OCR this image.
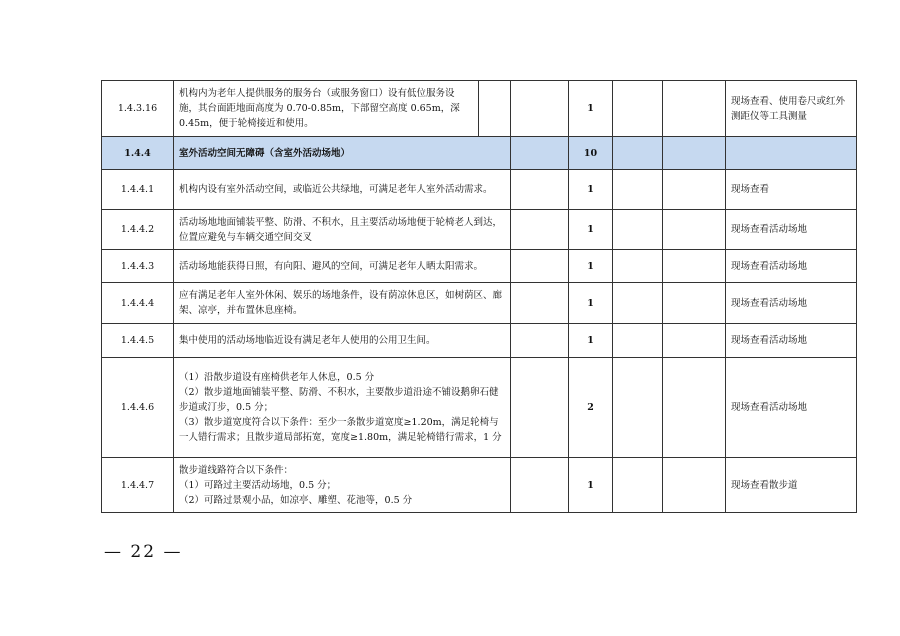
1.4.3.16	机构内为老年人提供服务的服务台（或服务窗口）设有低位服务设施，其台面距地面高度为 0.70-0.85m，下部留空高度 0.65m，深 0.45m，便于轮椅接近和使用。			1			现场查看、使用卷尺或红外测距仪等工具测量
1.4.4	室外活动空间无障碍（含室外活动场地）			10			
1.4.4.1	机构内设有室外活动空间，或临近公共绿地，可满足老年人室外活动需求。			1			现场查看
1.4.4.2	活动场地地面铺装平整、防滑、不积水，且主要活动场地便于轮椅老人到达，位置应避免与车辆交通空间交叉			1			现场查看活动场地
1.4.4.3	活动场地能获得日照，有向阳、避风的空间，可满足老年人晒太阳需求。			1			现场查看活动场地
1.4.4.4	应有满足老年人室外休闲、娱乐的场地条件，设有荫凉休息区，如树荫区、廊架、凉亭，并布置休息座椅。			1			现场查看活动场地
1.4.4.5	集中使用的活动场地临近设有满足老年人使用的公用卫生间。			1			现场查看活动场地
1.4.4.6	（1）沿散步道设有座椅供老年人休息，0.5 分
（2）散步道地面铺装平整、防滑、不积水，主要散步道沿途不铺设鹅卵石健步道或汀步，0.5 分；
（3）散步道宽度符合以下条件：至少一条散步道宽度≥1.20m，满足轮椅与一人错行需求；且散步道局部拓宽，宽度≥1.80m，满足轮椅错行需求，1 分			2			现场查看活动场地
1.4.4.7	散步道线路符合以下条件：
（1）可路过主要活动场地，0.5 分；
（2）可路过景观小品，如凉亭、雕塑、花池等，0.5 分			1			现场查看散步道
— 22 —
